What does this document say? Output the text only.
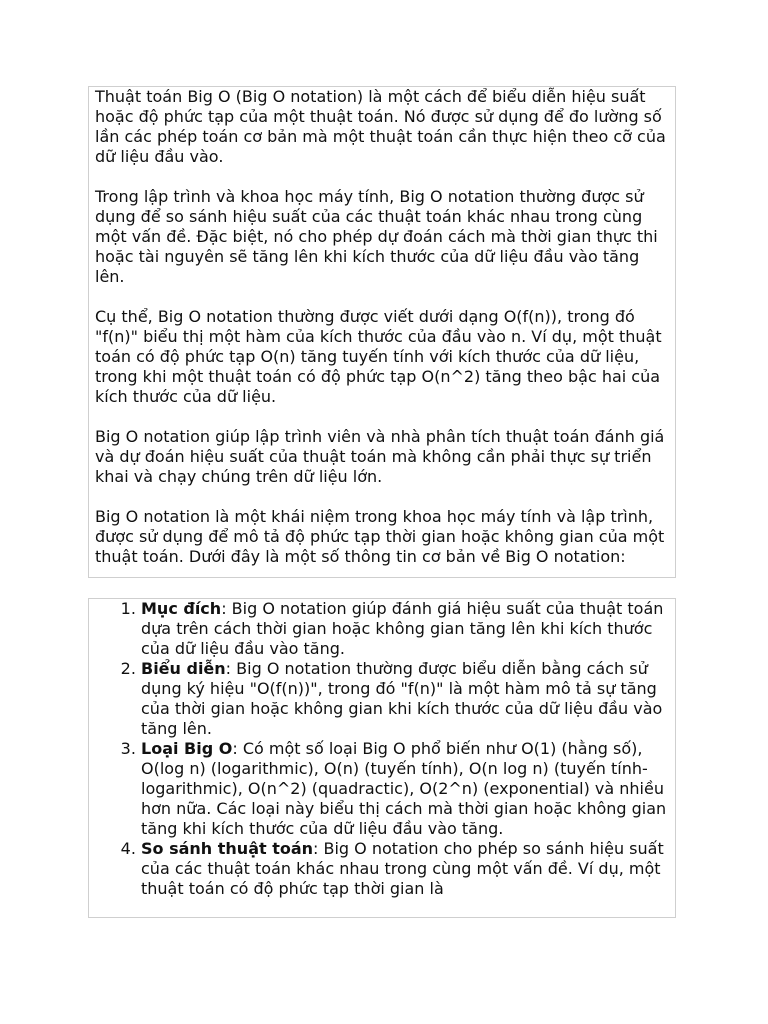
Thuật toán Big O (Big O notation) là một cách để biểu diễn hiệu suất hoặc độ phức tạp của một thuật toán. Nó được sử dụng để đo lường số lần các phép toán cơ bản mà một thuật toán cần thực hiện theo cỡ của dữ liệu đầu vào.

Trong lập trình và khoa học máy tính, Big O notation thường được sử dụng để so sánh hiệu suất của các thuật toán khác nhau trong cùng một vấn đề. Đặc biệt, nó cho phép dự đoán cách mà thời gian thực thi hoặc tài nguyên sẽ tăng lên khi kích thước của dữ liệu đầu vào tăng lên.

Cụ thể, Big O notation thường được viết dưới dạng O(f(n)), trong đó "f(n)" biểu thị một hàm của kích thước của đầu vào n. Ví dụ, một thuật toán có độ phức tạp O(n) tăng tuyến tính với kích thước của dữ liệu, trong khi một thuật toán có độ phức tạp O(n^2) tăng theo bậc hai của kích thước của dữ liệu.

Big O notation giúp lập trình viên và nhà phân tích thuật toán đánh giá và dự đoán hiệu suất của thuật toán mà không cần phải thực sự triển khai và chạy chúng trên dữ liệu lớn.

Big O notation là một khái niệm trong khoa học máy tính và lập trình, được sử dụng để mô tả độ phức tạp thời gian hoặc không gian của một thuật toán. Dưới đây là một số thông tin cơ bản về Big O notation:

1. Mục đích: Big O notation giúp đánh giá hiệu suất của thuật toán dựa trên cách thời gian hoặc không gian tăng lên khi kích thước của dữ liệu đầu vào tăng.
2. Biểu diễn: Big O notation thường được biểu diễn bằng cách sử dụng ký hiệu "O(f(n))", trong đó "f(n)" là một hàm mô tả sự tăng của thời gian hoặc không gian khi kích thước của dữ liệu đầu vào tăng lên.
3. Loại Big O: Có một số loại Big O phổ biến như O(1) (hằng số), O(log n) (logarithmic), O(n) (tuyến tính), O(n log n) (tuyến tính-logarithmic), O(n^2) (quadractic), O(2^n) (exponential) và nhiều hơn nữa. Các loại này biểu thị cách mà thời gian hoặc không gian tăng khi kích thước của dữ liệu đầu vào tăng.
4. So sánh thuật toán: Big O notation cho phép so sánh hiệu suất của các thuật toán khác nhau trong cùng một vấn đề. Ví dụ, một thuật toán có độ phức tạp thời gian là
